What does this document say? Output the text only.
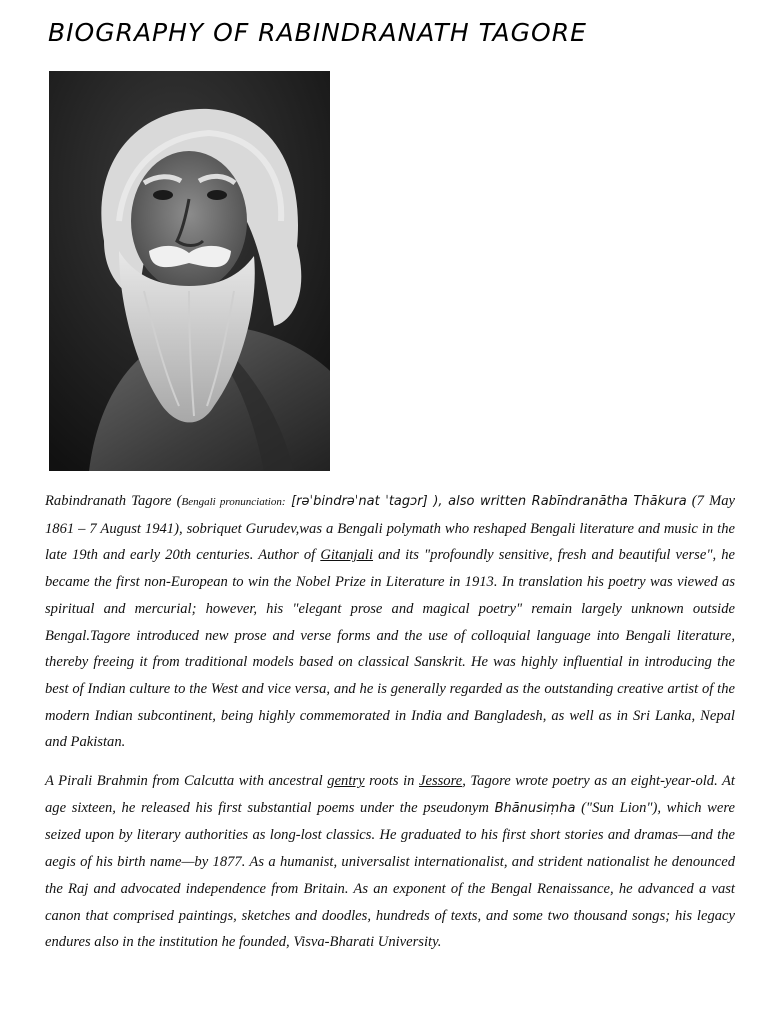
BIOGRAPHY OF RABINDRANATH TAGORE

Rabindranath Tagore (Bengali pronunciation: [rəˈbindrəˈnat ˈtagɔr] ), also written Rabīndranātha Thākura (7 May 1861 – 7 August 1941), sobriquet Gurudev,was a Bengali polymath who reshaped Bengali literature and music in the late 19th and early 20th centuries. Author of Gitanjali and its "profoundly sensitive, fresh and beautiful verse", he became the first non-European to win the Nobel Prize in Literature in 1913. In translation his poetry was viewed as spiritual and mercurial; however, his "elegant prose and magical poetry" remain largely unknown outside Bengal.Tagore introduced new prose and verse forms and the use of colloquial language into Bengali literature, thereby freeing it from traditional models based on classical Sanskrit. He was highly influential in introducing the best of Indian culture to the West and vice versa, and he is generally regarded as the outstanding creative artist of the modern Indian subcontinent, being highly commemorated in India and Bangladesh, as well as in Sri Lanka, Nepal and Pakistan.

A Pirali Brahmin from Calcutta with ancestral gentry roots in Jessore, Tagore wrote poetry as an eight-year-old. At age sixteen, he released his first substantial poems under the pseudonym Bhānusiṃha ("Sun Lion"), which were seized upon by literary authorities as long-lost classics. He graduated to his first short stories and dramas—and the aegis of his birth name—by 1877. As a humanist, universalist internationalist, and strident nationalist he denounced the Raj and advocated independence from Britain. As an exponent of the Bengal Renaissance, he advanced a vast canon that comprised paintings, sketches and doodles, hundreds of texts, and some two thousand songs; his legacy endures also in the institution he founded, Visva-Bharati University.
